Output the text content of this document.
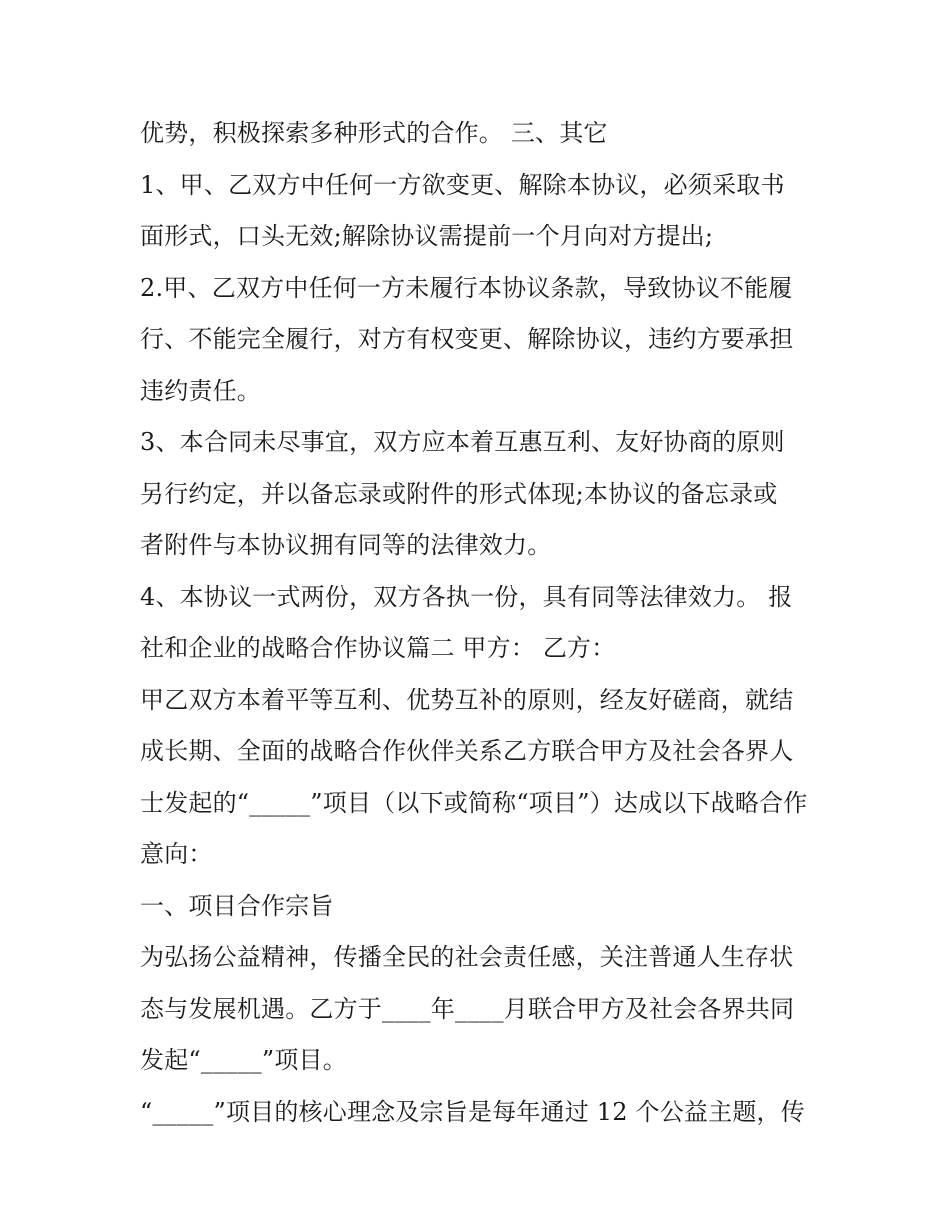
优势，积极探索多种形式的合作。 三、其它
1、甲、乙双方中任何一方欲变更、解除本协议，必须采取书
面形式，口头无效;解除协议需提前一个月向对方提出;
2.甲、乙双方中任何一方未履行本协议条款，导致协议不能履
行、不能完全履行，对方有权变更、解除协议，违约方要承担
违约责任。
3、本合同未尽事宜，双方应本着互惠互利、友好协商的原则
另行约定，并以备忘录或附件的形式体现;本协议的备忘录或
者附件与本协议拥有同等的法律效力。
4、本协议一式两份，双方各执一份，具有同等法律效力。 报
社和企业的战略合作协议篇二 甲方： 乙方：
甲乙双方本着平等互利、优势互补的原则，经友好磋商，就结
成长期、全面的战略合作伙伴关系乙方联合甲方及社会各界人
士发起的“_____”项目（以下或简称“项目”）达成以下战略合作
意向：
一、项目合作宗旨
为弘扬公益精神，传播全民的社会责任感，关注普通人生存状
态与发展机遇。乙方于____年____月联合甲方及社会各界共同
发起“_____”项目。
“_____”项目的核心理念及宗旨是每年通过 12 个公益主题，传
